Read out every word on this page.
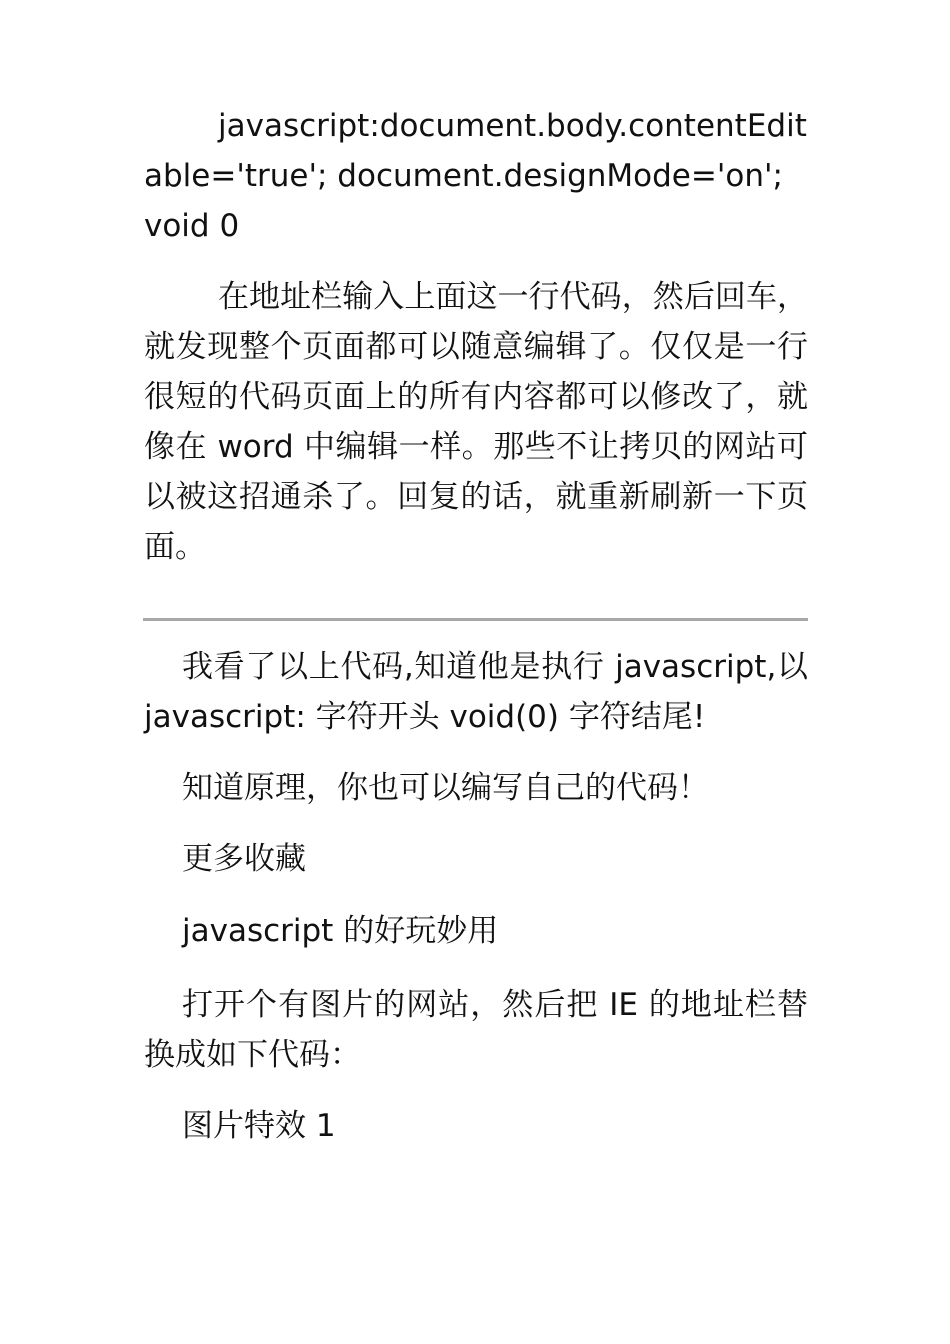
javascript:document.body.contentEditable='true'; document.designMode='on'; void 0

在地址栏输入上面这一行代码，然后回车，就发现整个页面都可以随意编辑了。仅仅是一行很短的代码页面上的所有内容都可以修改了，就像在 word 中编辑一样。那些不让拷贝的网站可以被这招通杀了。回复的话，就重新刷新一下页面。

我看了以上代码,知道他是执行 javascript,以 javascript: 字符开头 void(0) 字符结尾!

知道原理，你也可以编写自己的代码！

更多收藏

javascript 的好玩妙用

打开个有图片的网站，然后把 IE 的地址栏替换成如下代码：

图片特效 1
